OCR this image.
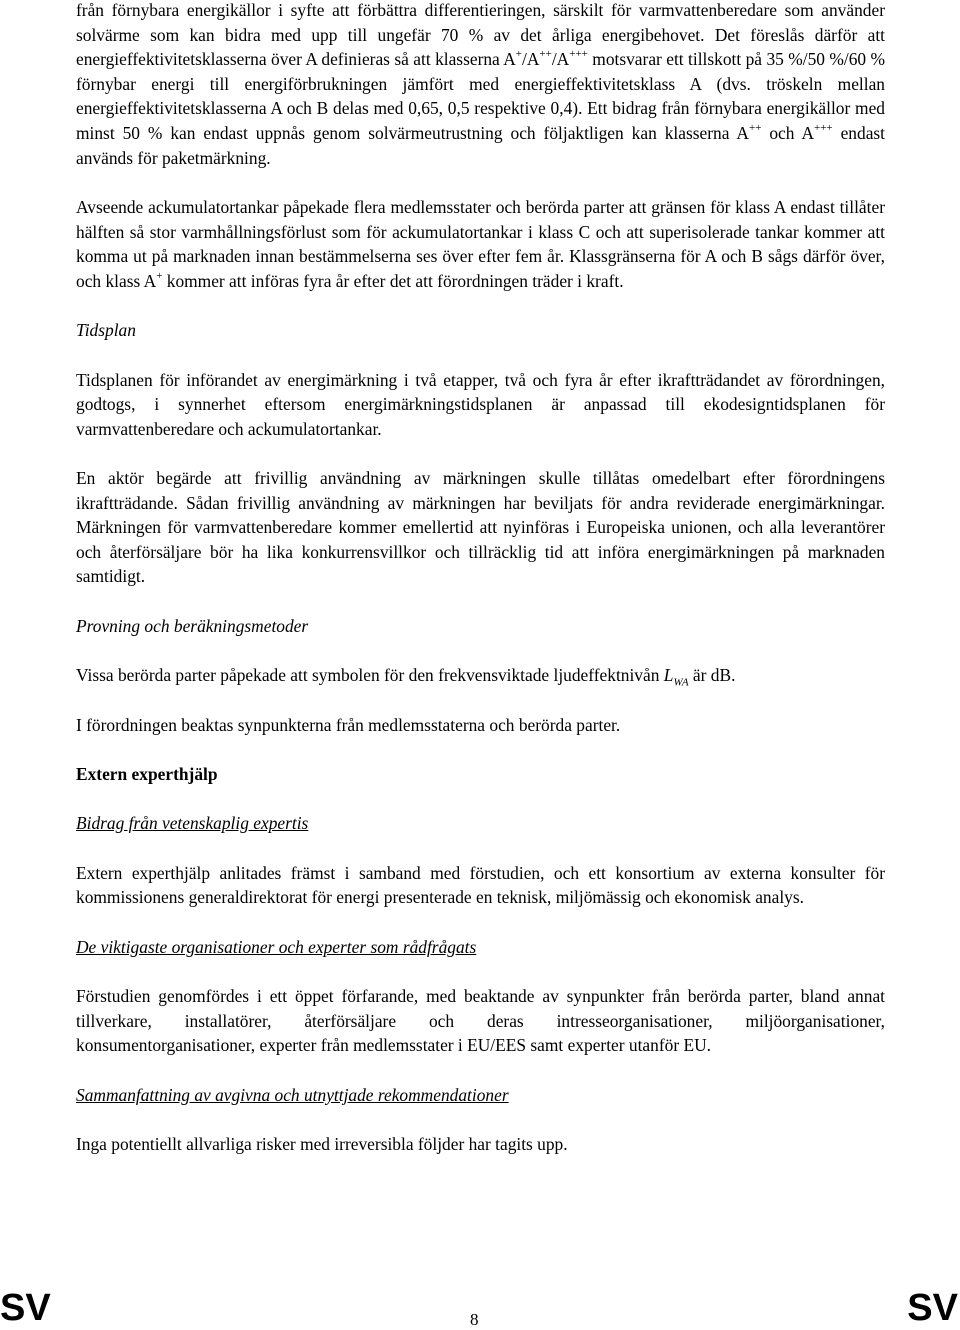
från förnybara energikällor i syfte att förbättra differentieringen, särskilt för varmvattenberedare som använder solvärme som kan bidra med upp till ungefär 70 % av det årliga energibehovet. Det föreslås därför att energieffektivitetsklasserna över A definieras så att klasserna A+/A++/A+++ motsvarar ett tillskott på 35 %/50 %/60 % förnybar energi till energiförbrukningen jämfört med energieffektivitetsklass A (dvs. tröskeln mellan energieffektivitetsklasserna A och B delas med 0,65, 0,5 respektive 0,4). Ett bidrag från förnybara energikällor med minst 50 % kan endast uppnås genom solvärmeutrustning och följaktligen kan klasserna A++ och A+++ endast används för paketmärkning.

Avseende ackumulatortankar påpekade flera medlemsstater och berörda parter att gränsen för klass A endast tillåter hälften så stor varmhållningsförlust som för ackumulatortankar i klass C och att superisolerade tankar kommer att komma ut på marknaden innan bestämmelserna ses över efter fem år. Klassgränserna för A och B sågs därför över, och klass A+ kommer att införas fyra år efter det att förordningen träder i kraft.

Tidsplan

Tidsplanen för införandet av energimärkning i två etapper, två och fyra år efter ikraftträdandet av förordningen, godtogs, i synnerhet eftersom energimärkningstidsplanen är anpassad till ekodesigntidsplanen för varmvattenberedare och ackumulatortankar.

En aktör begärde att frivillig användning av märkningen skulle tillåtas omedelbart efter förordningens ikraftträdande. Sådan frivillig användning av märkningen har beviljats för andra reviderade energimärkningar. Märkningen för varmvattenberedare kommer emellertid att nyinföras i Europeiska unionen, och alla leverantörer och återförsäljare bör ha lika konkurrensvillkor och tillräcklig tid att införa energimärkningen på marknaden samtidigt.

Provning och beräkningsmetoder

Vissa berörda parter påpekade att symbolen för den frekvensviktade ljudeffektnivån $L_{WA}$ är dB.

I förordningen beaktas synpunkterna från medlemsstaterna och berörda parter.

Extern experthjälp

Bidrag från vetenskaplig expertis

Extern experthjälp anlitades främst i samband med förstudien, och ett konsortium av externa konsulter för kommissionens generaldirektorat för energi presenterade en teknisk, miljömässig och ekonomisk analys.

De viktigaste organisationer och experter som rådfrågats

Förstudien genomfördes i ett öppet förfarande, med beaktande av synpunkter från berörda parter, bland annat tillverkare, installatörer, återförsäljare och deras intresseorganisationer, miljöorganisationer, konsumentorganisationer, experter från medlemsstater i EU/EES samt experter utanför EU.

Sammanfattning av avgivna och utnyttjade rekommendationer

Inga potentiellt allvarliga risker med irreversibla följder har tagits upp.

SV	8	SV
